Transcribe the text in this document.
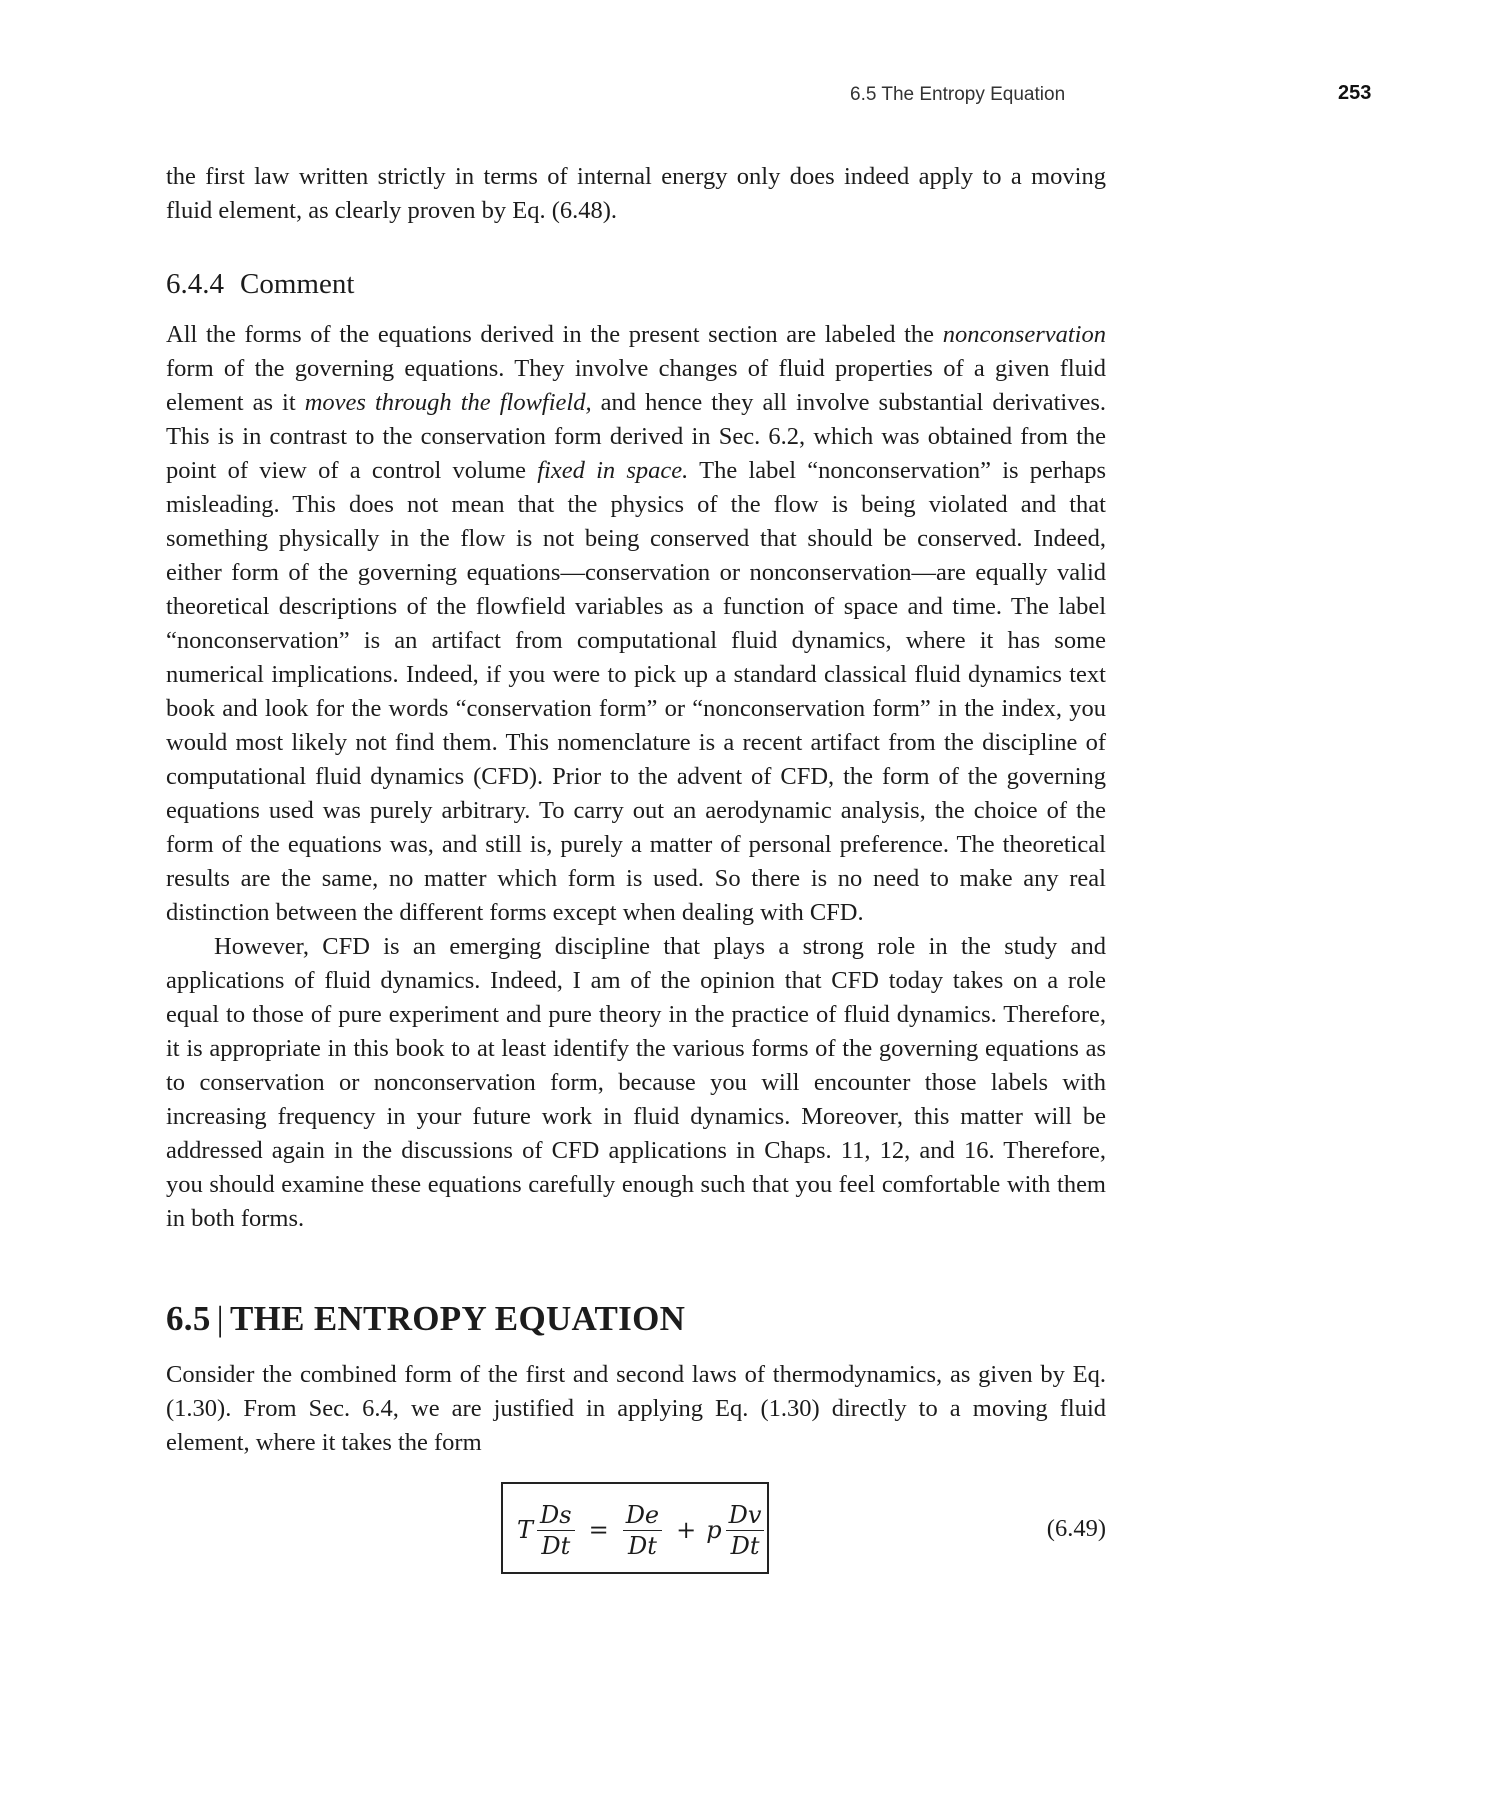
6.5 The Entropy Equation	253

the first law written strictly in terms of internal energy only does indeed apply to a moving fluid element, as clearly proven by Eq. (6.48).

6.4.4 Comment

All the forms of the equations derived in the present section are labeled the nonconservation form of the governing equations. They involve changes of fluid properties of a given fluid element as it moves through the flowfield, and hence they all involve substantial derivatives. This is in contrast to the conservation form derived in Sec. 6.2, which was obtained from the point of view of a control volume fixed in space. The label “nonconservation” is perhaps misleading. This does not mean that the physics of the flow is being violated and that something physically in the flow is not being conserved that should be conserved. Indeed, either form of the governing equations—conservation or nonconservation—are equally valid theoretical descriptions of the flowfield variables as a function of space and time. The label “nonconservation” is an artifact from computational fluid dynamics, where it has some numerical implications. Indeed, if you were to pick up a standard classical fluid dynamics text book and look for the words “conservation form” or “nonconservation form” in the index, you would most likely not find them. This nomenclature is a recent artifact from the discipline of computational fluid dynamics (CFD). Prior to the advent of CFD, the form of the governing equations used was purely arbitrary. To carry out an aerodynamic analysis, the choice of the form of the equations was, and still is, purely a matter of personal preference. The theoretical results are the same, no matter which form is used. So there is no need to make any real distinction between the different forms except when dealing with CFD.

However, CFD is an emerging discipline that plays a strong role in the study and applications of fluid dynamics. Indeed, I am of the opinion that CFD today takes on a role equal to those of pure experiment and pure theory in the practice of fluid dynamics. Therefore, it is appropriate in this book to at least identify the various forms of the governing equations as to conservation or nonconservation form, because you will encounter those labels with increasing frequency in your future work in fluid dynamics. Moreover, this matter will be addressed again in the discussions of CFD applications in Chaps. 11, 12, and 16. Therefore, you should examine these equations carefully enough such that you feel comfortable with them in both forms.

6.5 | THE ENTROPY EQUATION

Consider the combined form of the first and second laws of thermodynamics, as given by Eq. (1.30). From Sec. 6.4, we are justified in applying Eq. (1.30) directly to a moving fluid element, where it takes the form

T $\frac{Ds}{Dt} = \frac{De}{Dt} + p \frac{Dv}{Dt}$	(6.49)
